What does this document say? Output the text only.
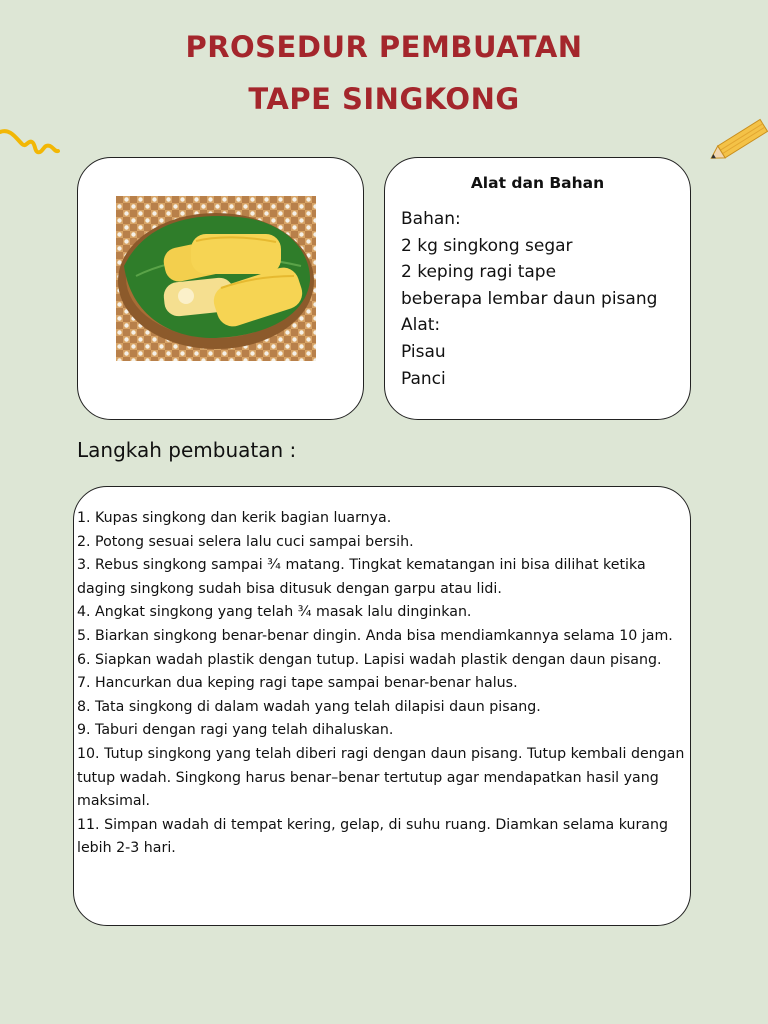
PROSEDUR PEMBUATAN
TAPE SINGKONG
Alat dan Bahan
Bahan:
2 kg singkong segar
2 keping ragi tape
beberapa lembar daun pisang
Alat:
Pisau
Panci
Langkah pembuatan :
1. Kupas singkong dan kerik bagian luarnya.
2. Potong sesuai selera lalu cuci sampai bersih.
3. Rebus singkong sampai ¾ matang. Tingkat kematangan ini bisa dilihat ketika daging singkong sudah bisa ditusuk dengan garpu atau lidi.
4. Angkat singkong yang telah ¾ masak lalu dinginkan.
5. Biarkan singkong benar-benar dingin. Anda bisa mendiamkannya selama 10 jam.
6. Siapkan wadah plastik dengan tutup. Lapisi wadah plastik dengan daun pisang.
7. Hancurkan dua keping ragi tape sampai benar-benar halus.
8. Tata singkong di dalam wadah yang telah dilapisi daun pisang.
9. Taburi dengan ragi yang telah dihaluskan.
10. Tutup singkong yang telah diberi ragi dengan daun pisang. Tutup kembali dengan tutup wadah. Singkong harus benar–benar tertutup agar mendapatkan hasil yang maksimal.
11. Simpan wadah di tempat kering, gelap, di suhu ruang. Diamkan selama kurang lebih 2-3 hari.
